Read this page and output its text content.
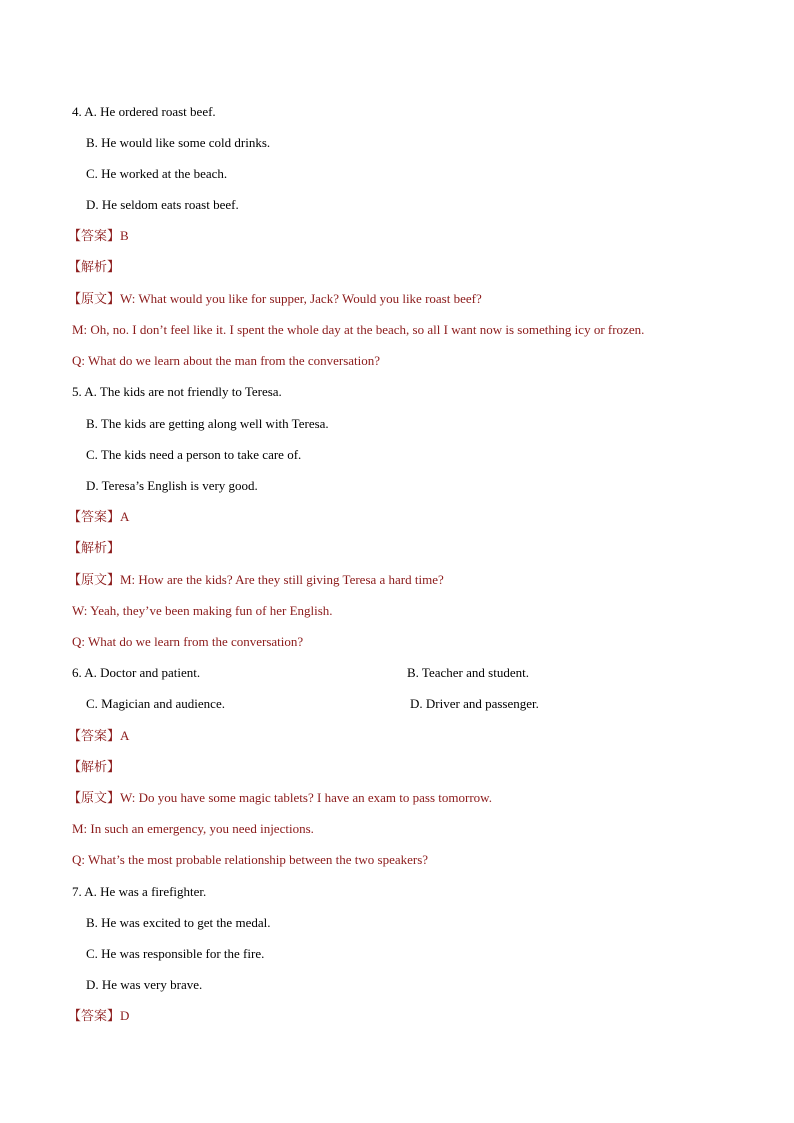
4. A. He ordered roast beef.
B. He would like some cold drinks.
C. He worked at the beach.
D. He seldom eats roast beef.
【答案】B
【解析】
【原文】W: What would you like for supper, Jack? Would you like roast beef?
M: Oh, no. I don’t feel like it. I spent the whole day at the beach, so all I want now is something icy or frozen.
Q: What do we learn about the man from the conversation?
5. A. The kids are not friendly to Teresa.
B. The kids are getting along well with Teresa.
C. The kids need a person to take care of.
D. Teresa’s English is very good.
【答案】A
【解析】
【原文】M: How are the kids? Are they still giving Teresa a hard time?
W: Yeah, they’ve been making fun of her English.
Q: What do we learn from the conversation?
6. A. Doctor and patient.	B. Teacher and student.
C. Magician and audience.	D. Driver and passenger.
【答案】A
【解析】
【原文】W: Do you have some magic tablets? I have an exam to pass tomorrow.
M: In such an emergency, you need injections.
Q: What’s the most probable relationship between the two speakers?
7. A. He was a firefighter.
B. He was excited to get the medal.
C. He was responsible for the fire.
D. He was very brave.
【答案】D
